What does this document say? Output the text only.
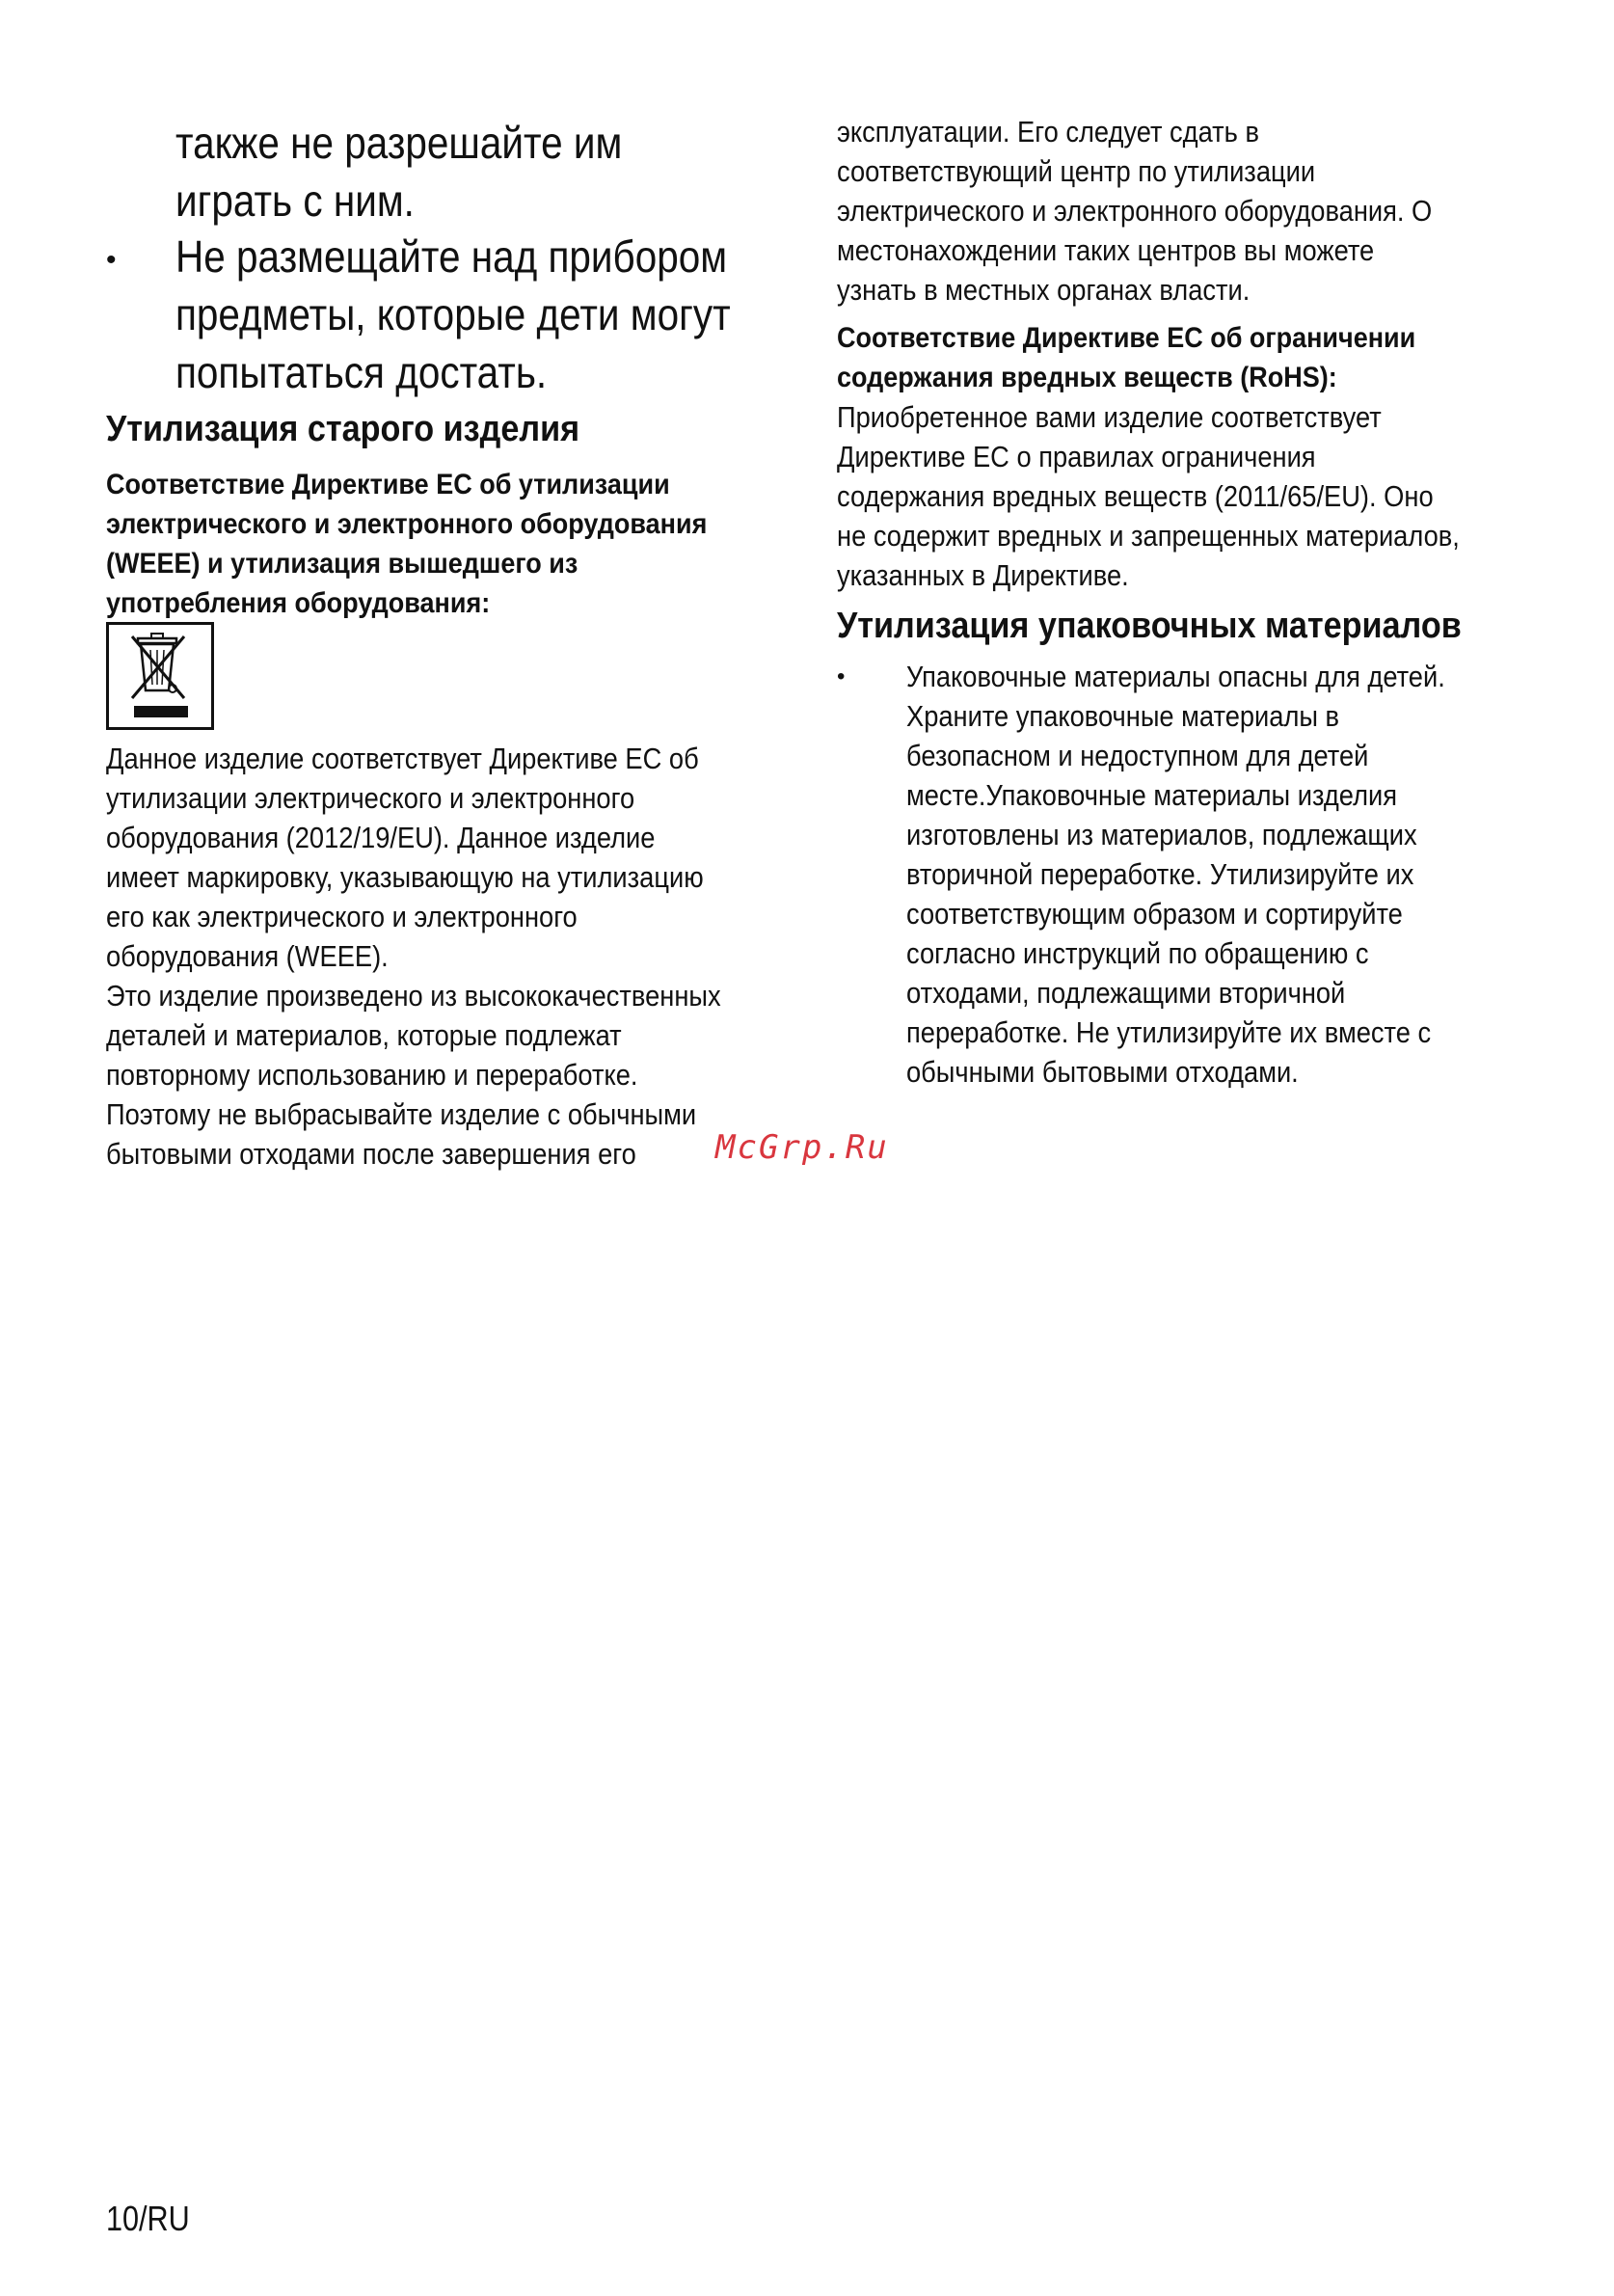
также не разрешайте им
играть с ним.
• Не размещайте над прибором
предметы, которые дети могут
попытаться достать.
Утилизация старого изделия
Соответствие Директиве ЕС об утилизации
электрического и электронного оборудования
(WEEE) и утилизация вышедшего из
употребления оборудования:
Данное изделие соответствует Директиве ЕС об
утилизации электрического и электронного
оборудования (2012/19/EU). Данное изделие
имеет маркировку, указывающую на утилизацию
его как электрического и электронного
оборудования (WEEE).
Это изделие произведено из высококачественных
деталей и материалов, которые подлежат
повторному использованию и переработке.
Поэтому не выбрасывайте изделие с обычными
бытовыми отходами после завершения его
эксплуатации. Его следует сдать в
соответствующий центр по утилизации
электрического и электронного оборудования. О
местонахождении таких центров вы можете
узнать в местных органах власти.
Соответствие Директиве ЕС об ограничении
содержания вредных веществ (RoHS):
Приобретенное вами изделие соответствует
Директиве ЕС о правилах ограничения
содержания вредных веществ (2011/65/EU). Оно
не содержит вредных и запрещенных материалов,
указанных в Директиве.
Утилизация упаковочных материалов
• Упаковочные материалы опасны для детей.
Храните упаковочные материалы в
безопасном и недоступном для детей
месте.Упаковочные материалы изделия
изготовлены из материалов, подлежащих
вторичной переработке. Утилизируйте их
соответствующим образом и сортируйте
согласно инструкций по обращению с
отходами, подлежащими вторичной
переработке. Не утилизируйте их вместе с
обычными бытовыми отходами.
McGrp.Ru
10/RU
